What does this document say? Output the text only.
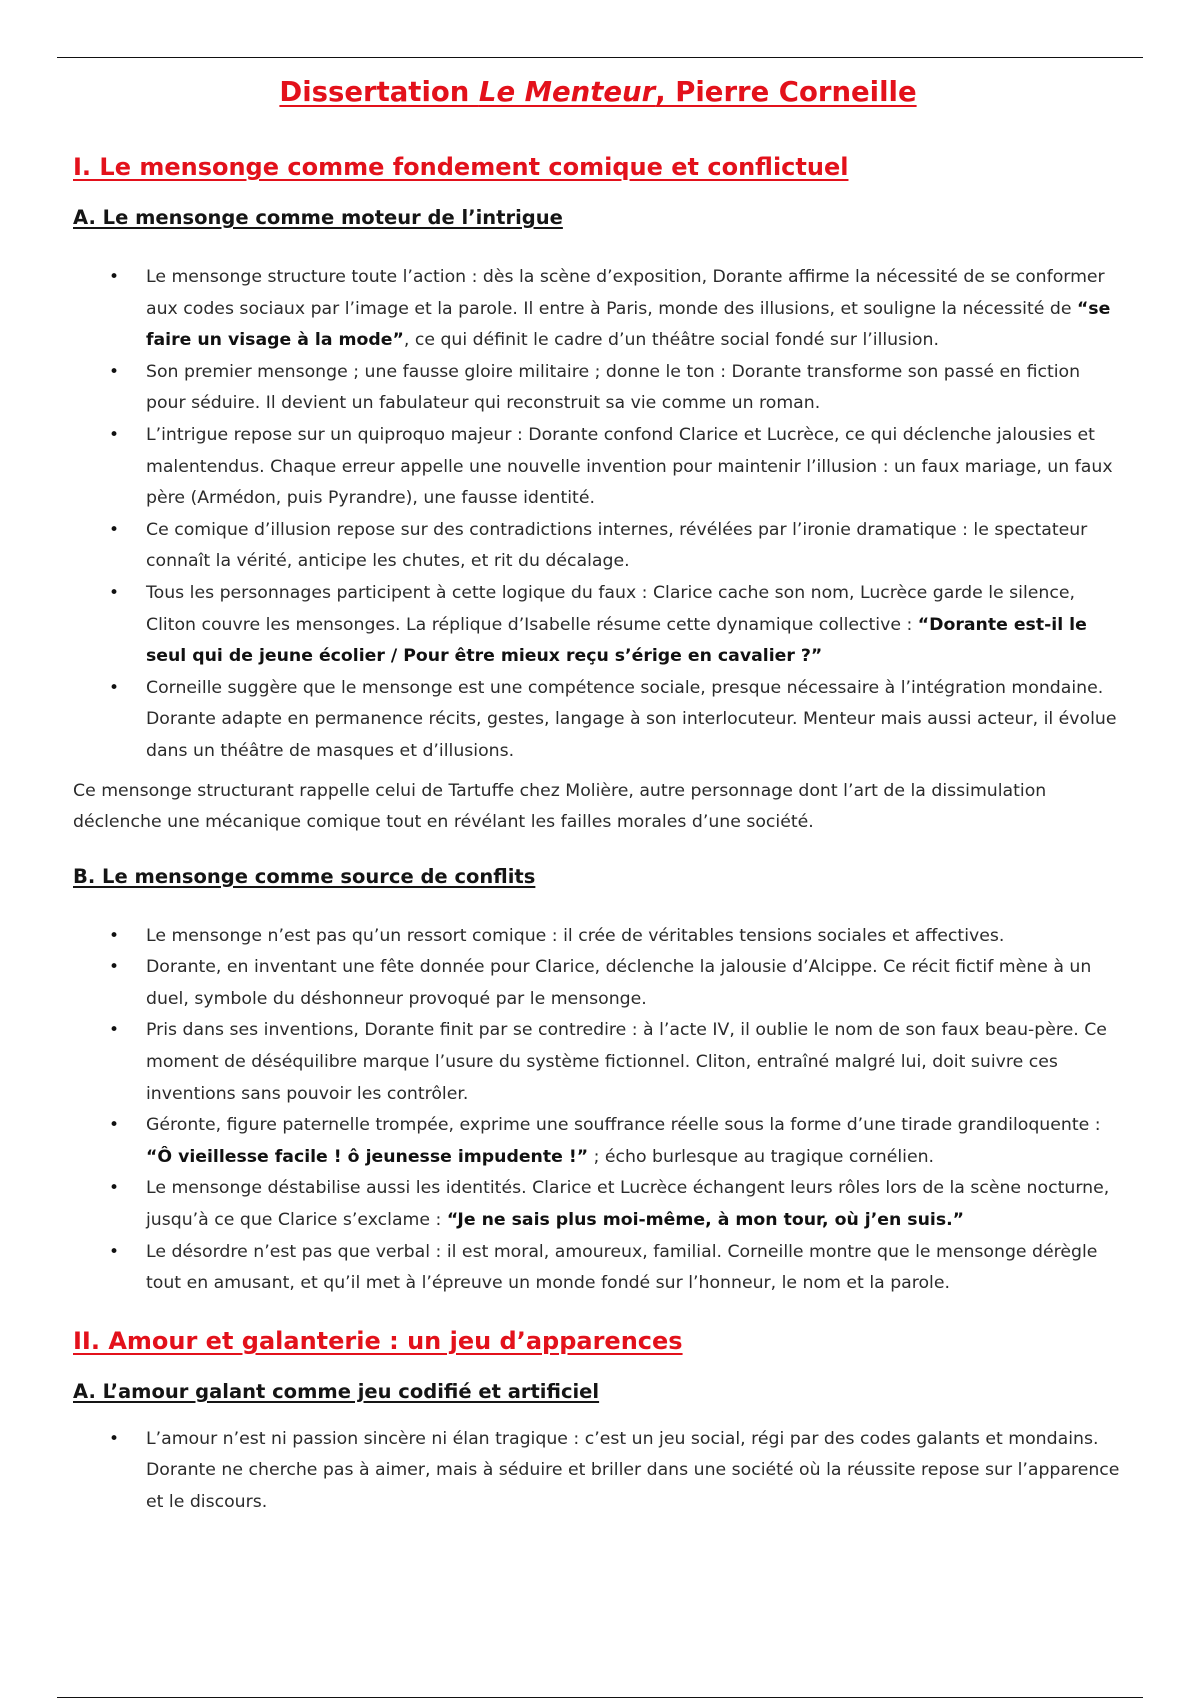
Dissertation Le Menteur, Pierre Corneille
I. Le mensonge comme fondement comique et conflictuel
A. Le mensonge comme moteur de l’intrigue
• Le mensonge structure toute l’action : dès la scène d’exposition, Dorante affirme la nécessité de se conformer aux codes sociaux par l’image et la parole. Il entre à Paris, monde des illusions, et souligne la nécessité de “se faire un visage à la mode”, ce qui définit le cadre d’un théâtre social fondé sur l’illusion.
• Son premier mensonge ; une fausse gloire militaire ; donne le ton : Dorante transforme son passé en fiction pour séduire. Il devient un fabulateur qui reconstruit sa vie comme un roman.
• L’intrigue repose sur un quiproquo majeur : Dorante confond Clarice et Lucrèce, ce qui déclenche jalousies et malentendus. Chaque erreur appelle une nouvelle invention pour maintenir l’illusion : un faux mariage, un faux père (Armédon, puis Pyrandre), une fausse identité.
• Ce comique d’illusion repose sur des contradictions internes, révélées par l’ironie dramatique : le spectateur connaît la vérité, anticipe les chutes, et rit du décalage.
• Tous les personnages participent à cette logique du faux : Clarice cache son nom, Lucrèce garde le silence, Cliton couvre les mensonges. La réplique d’Isabelle résume cette dynamique collective : “Dorante est-il le seul qui de jeune écolier / Pour être mieux reçu s’érige en cavalier ?”
• Corneille suggère que le mensonge est une compétence sociale, presque nécessaire à l’intégration mondaine. Dorante adapte en permanence récits, gestes, langage à son interlocuteur. Menteur mais aussi acteur, il évolue dans un théâtre de masques et d’illusions.

Ce mensonge structurant rappelle celui de Tartuffe chez Molière, autre personnage dont l’art de la dissimulation déclenche une mécanique comique tout en révélant les failles morales d’une société.

B. Le mensonge comme source de conflits
• Le mensonge n’est pas qu’un ressort comique : il crée de véritables tensions sociales et affectives.
• Dorante, en inventant une fête donnée pour Clarice, déclenche la jalousie d’Alcippe. Ce récit fictif mène à un duel, symbole du déshonneur provoqué par le mensonge.
• Pris dans ses inventions, Dorante finit par se contredire : à l’acte IV, il oublie le nom de son faux beau-père. Ce moment de déséquilibre marque l’usure du système fictionnel. Cliton, entraîné malgré lui, doit suivre ces inventions sans pouvoir les contrôler.
• Géronte, figure paternelle trompée, exprime une souffrance réelle sous la forme d’une tirade grandiloquente : “Ô vieillesse facile ! ô jeunesse impudente !” ; écho burlesque au tragique cornélien.
• Le mensonge déstabilise aussi les identités. Clarice et Lucrèce échangent leurs rôles lors de la scène nocturne, jusqu’à ce que Clarice s’exclame : “Je ne sais plus moi-même, à mon tour, où j’en suis.”
• Le désordre n’est pas que verbal : il est moral, amoureux, familial. Corneille montre que le mensonge dérègle tout en amusant, et qu’il met à l’épreuve un monde fondé sur l’honneur, le nom et la parole.
II. Amour et galanterie : un jeu d’apparences
A. L’amour galant comme jeu codifié et artificiel
• L’amour n’est ni passion sincère ni élan tragique : c’est un jeu social, régi par des codes galants et mondains. Dorante ne cherche pas à aimer, mais à séduire et briller dans une société où la réussite repose sur l’apparence et le discours.
